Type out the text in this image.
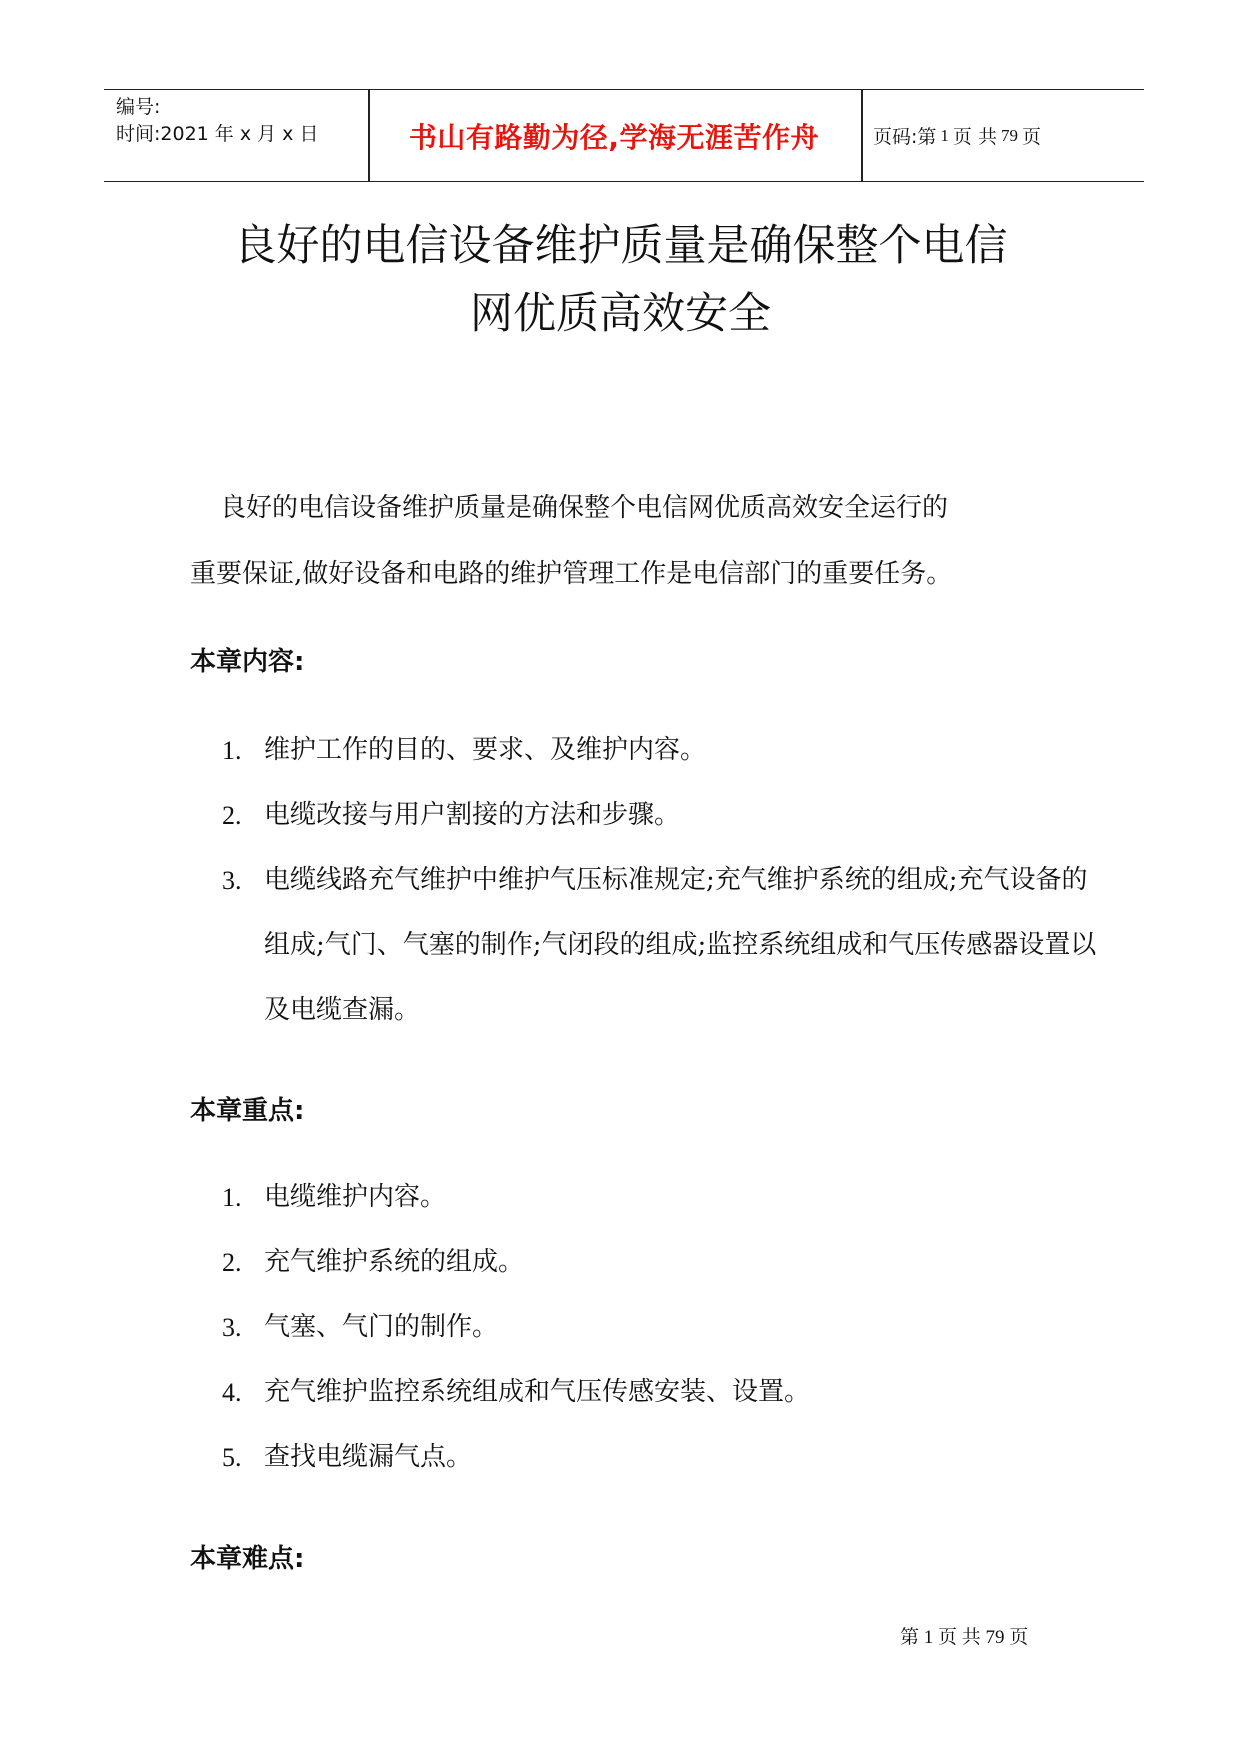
编号:
时间:2021 年 x 月 x 日	书山有路勤为径,学海无涯苦作舟	页码:第 1 页 共 79 页
良好的电信设备维护质量是确保整个电信
网优质高效安全

良好的电信设备维护质量是确保整个电信网优质高效安全运行的
重要保证,做好设备和电路的维护管理工作是电信部门的重要任务。

本章内容:
1. 维护工作的目的、要求、及维护内容。
2. 电缆改接与用户割接的方法和步骤。
3. 电缆线路充气维护中维护气压标准规定;充气维护系统的组成;充气设备的组成;气门、气塞的制作;气闭段的组成;监控系统组成和气压传感器设置以及电缆查漏。
本章重点:
1. 电缆维护内容。
2. 充气维护系统的组成。
3. 气塞、气门的制作。
4. 充气维护监控系统组成和气压传感安装、设置。
5. 查找电缆漏气点。
本章难点:
第 1 页 共 79 页
